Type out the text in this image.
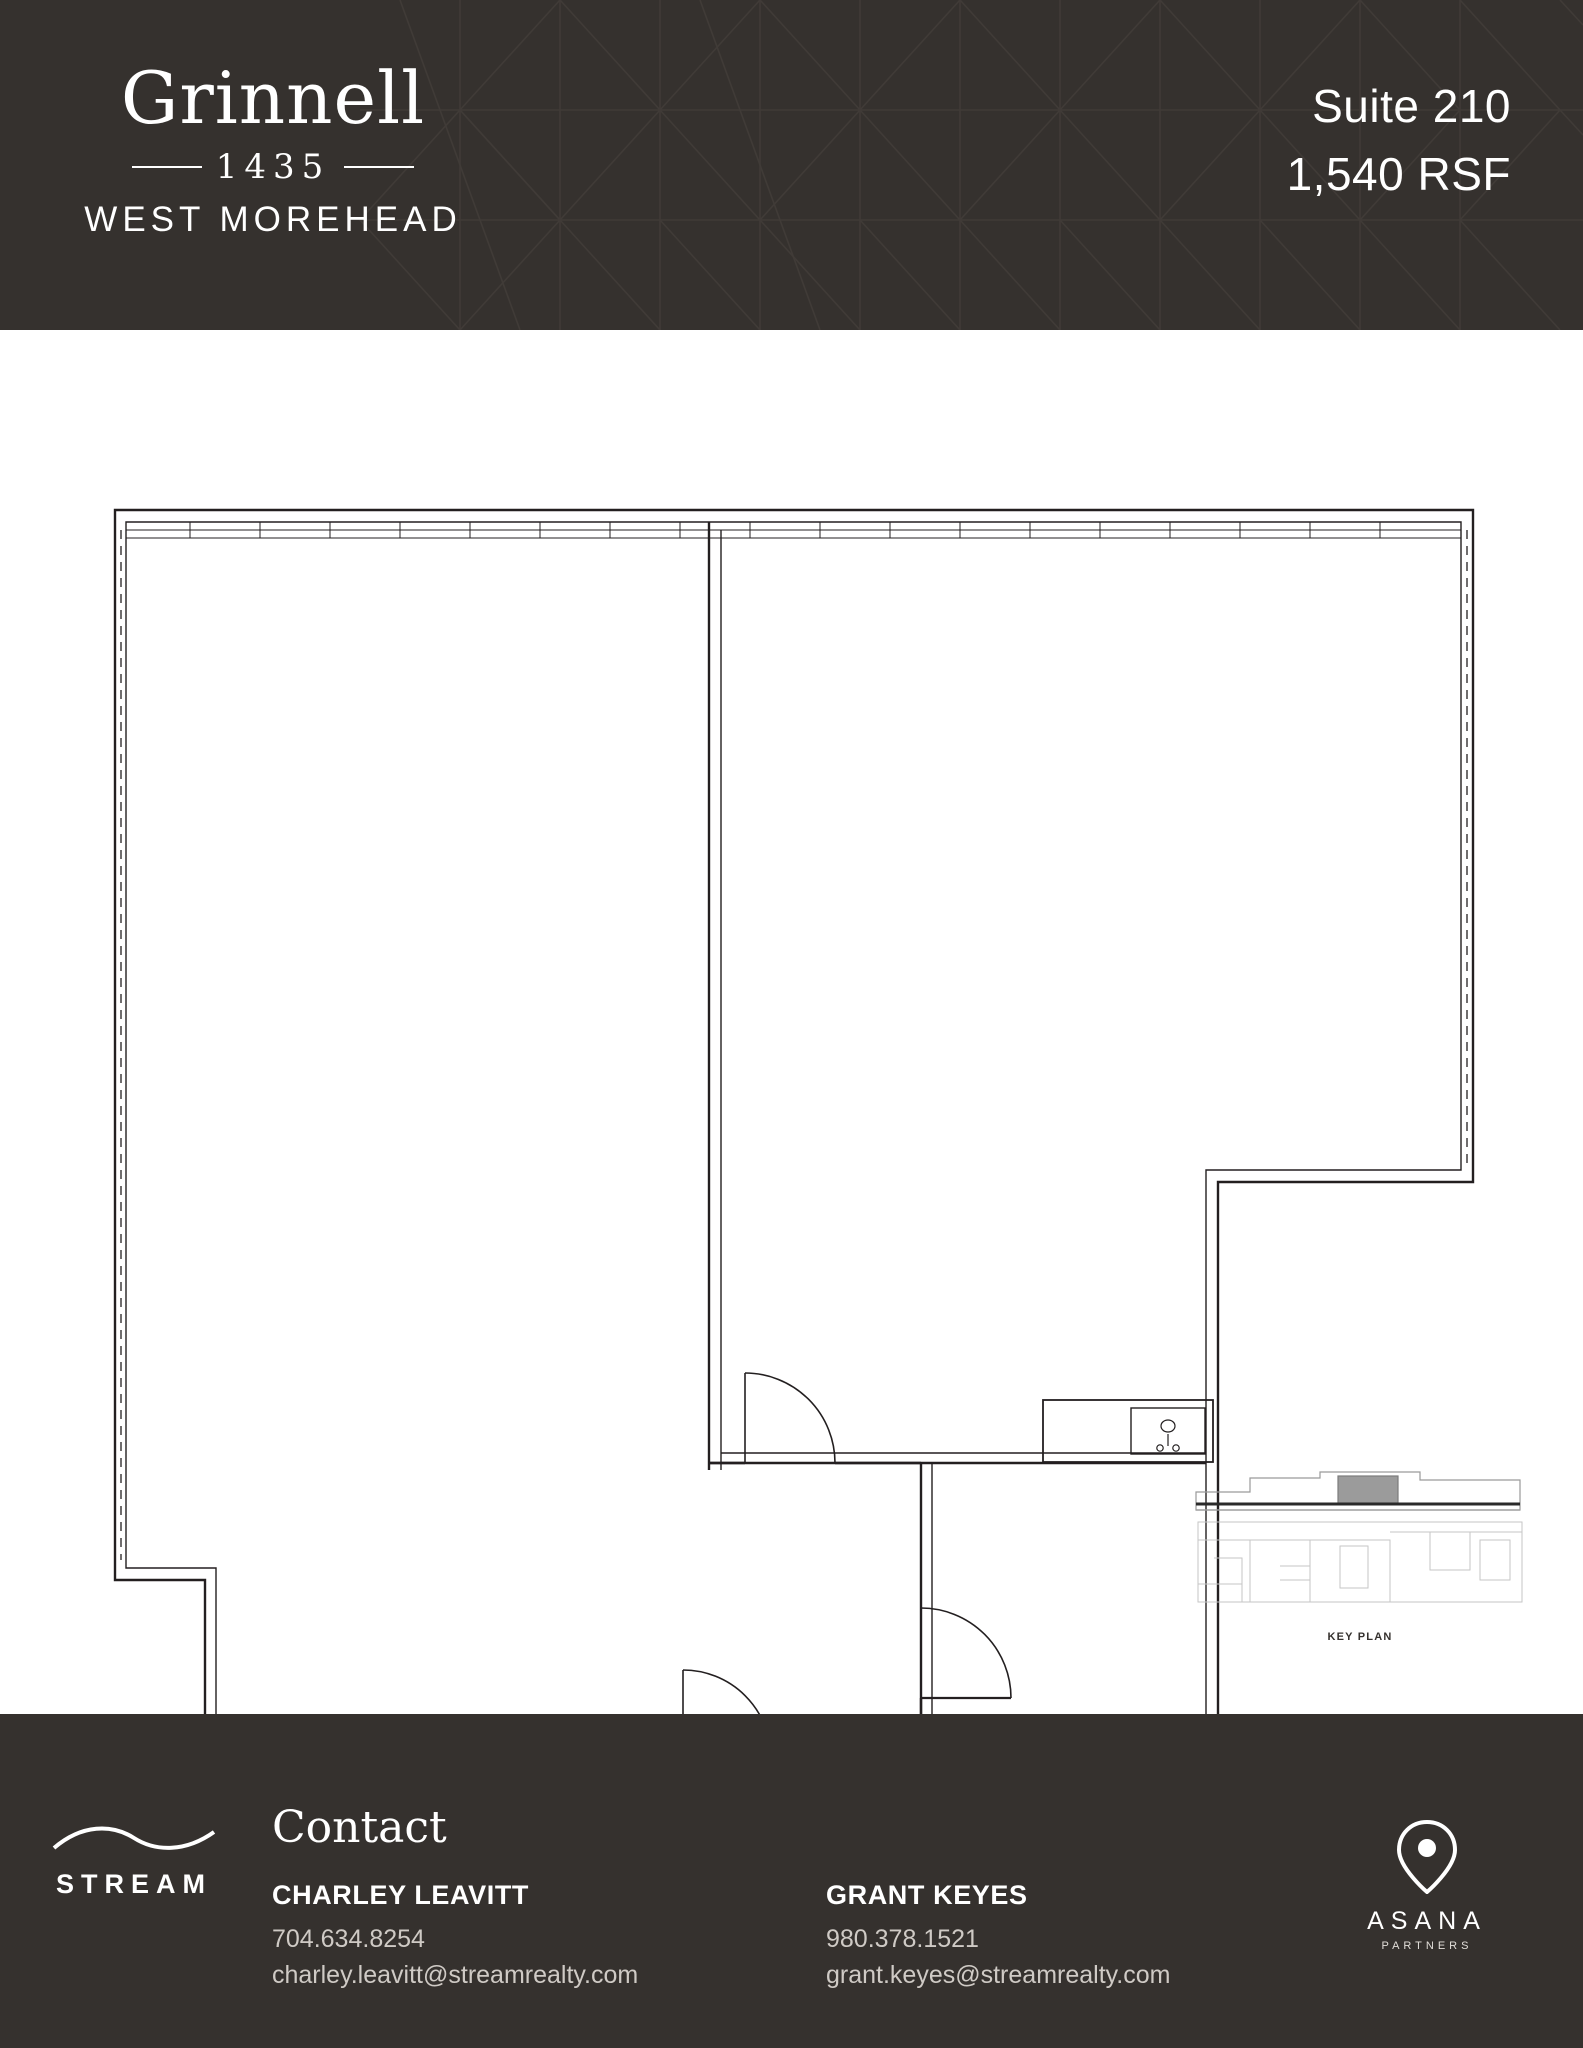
Grinnell
1435
WEST MOREHEAD
Suite 210
1,540 RSF
KEY PLAN
STREAM
Contact
CHARLEY LEAVITT
704.634.8254
charley.leavitt@streamrealty.com
GRANT KEYES
980.378.1521
grant.keyes@streamrealty.com
ASANA
PARTNERS
